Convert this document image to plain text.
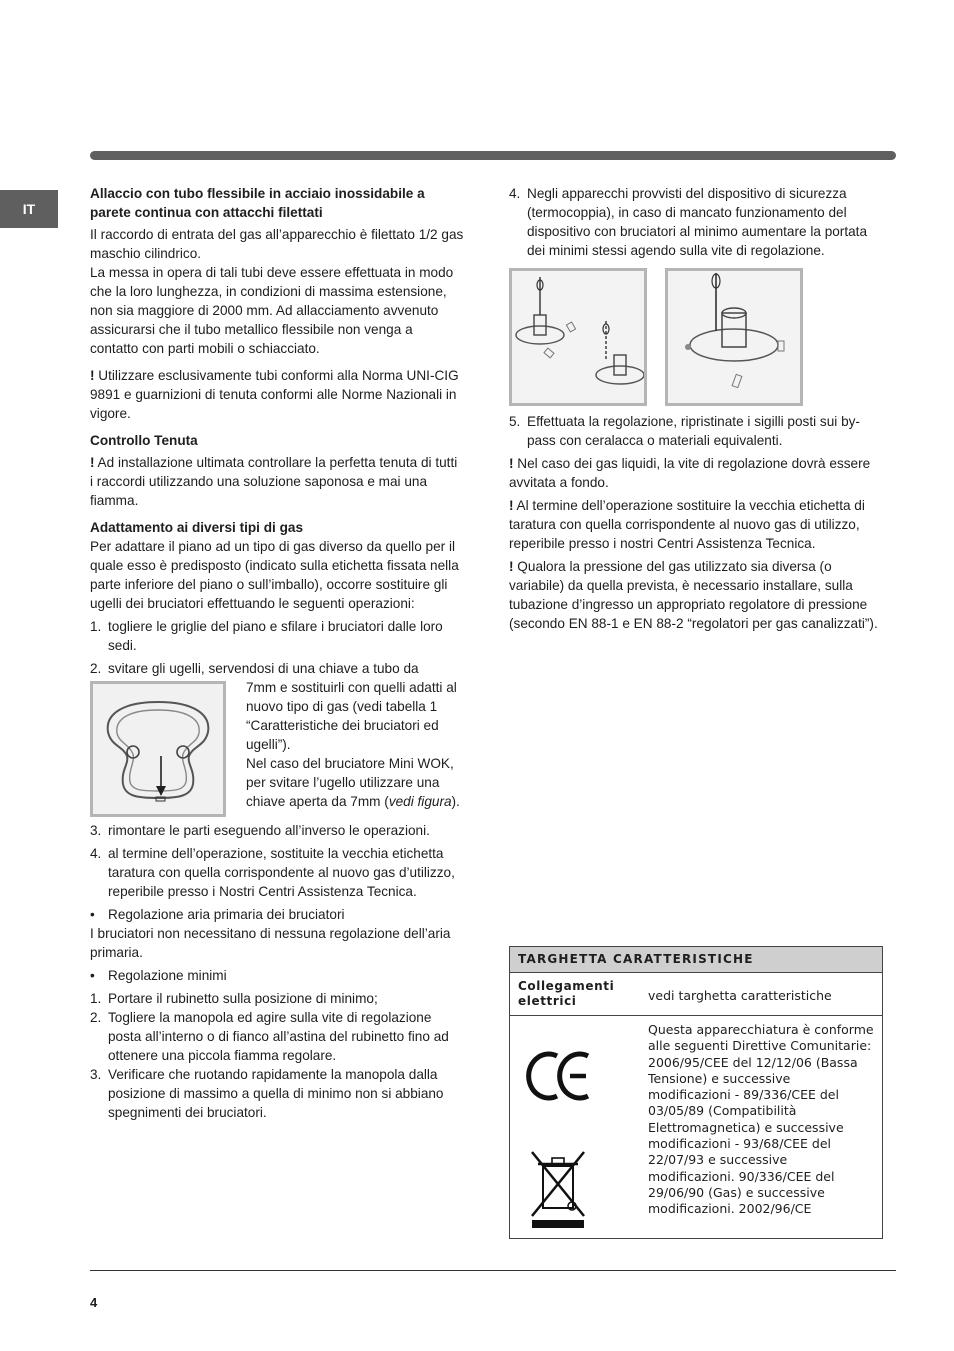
IT

Allaccio con tubo flessibile in acciaio inossidabile a parete continua con attacchi filettati

Il raccordo di entrata del gas all’apparecchio è filettato 1/2 gas maschio cilindrico.

La messa in opera di tali tubi deve essere effettuata in modo che la loro lunghezza, in condizioni di massima estensione, non sia maggiore di 2000 mm. Ad allacciamento avvenuto assicurarsi che il tubo metallico flessibile non venga a contatto con parti mobili o schiacciato.

! Utilizzare esclusivamente tubi conformi alla Norma UNI-CIG 9891 e guarnizioni di tenuta conformi alle Norme Nazionali in vigore.

Controllo Tenuta

! Ad installazione ultimata controllare la perfetta tenuta di tutti i raccordi utilizzando una soluzione saponosa e mai una fiamma.

Adattamento ai diversi tipi di gas

Per adattare il piano ad un tipo di gas diverso da quello per il quale esso è predisposto (indicato sulla etichetta fissata nella parte inferiore del piano o sull’imballo), occorre sostituire gli ugelli dei bruciatori effettuando le seguenti operazioni:

1. togliere le griglie del piano e sfilare i bruciatori dalle loro sedi.
2. svitare gli ugelli, servendosi di una chiave a tubo da

7mm e sostituirli con quelli adatti al nuovo tipo di gas (vedi tabella 1 “Caratteristiche dei bruciatori ed ugelli”).

Nel caso del bruciatore Mini WOK, per svitare l’ugello utilizzare una chiave aperta da 7mm (vedi figura).

3. rimontare le parti eseguendo all’inverso le operazioni.
4. al termine dell’operazione, sostituite la vecchia etichetta taratura con quella corrispondente al nuovo gas d’utilizzo, reperibile presso i Nostri Centri Assistenza Tecnica.
• Regolazione aria primaria dei bruciatori

I bruciatori non necessitano di nessuna regolazione dell’aria primaria.

• Regolazione minimi
1. Portare il rubinetto sulla posizione di minimo;
2. Togliere la manopola ed agire sulla vite di regolazione posta all’interno o di fianco all’astina del rubinetto fino ad ottenere una piccola fiamma regolare.
3. Verificare che ruotando rapidamente la manopola dalla posizione di massimo a quella di minimo non si abbiano spegnimenti dei bruciatori.
4. Negli apparecchi provvisti del dispositivo di sicurezza (termocoppia), in caso di mancato funzionamento del dispositivo con bruciatori al minimo aumentare la portata dei minimi stessi agendo sulla vite di regolazione.
5. Effettuata la regolazione, ripristinate i sigilli posti sui by-pass con ceralacca o materiali equivalenti.

! Nel caso dei gas liquidi, la vite di regolazione dovrà essere avvitata a fondo.

! Al termine dell’operazione sostituire la vecchia etichetta di taratura con quella corrispondente al nuovo gas di utilizzo, reperibile presso i nostri Centri Assistenza Tecnica.

! Qualora la pressione del gas utilizzato sia diversa (o variabile) da quella prevista, è necessario installare, sulla tubazione d’ingresso un appropriato regolatore di pressione (secondo EN 88-1 e EN 88-2 “regolatori per gas canalizzati”).

TARGHETTA CARATTERISTICHE
Collegamenti elettrici	vedi targhetta caratteristiche
Questa apparecchiatura è conforme alle seguenti Direttive Comunitarie: 2006/95/CEE del 12/12/06 (Bassa Tensione) e successive modificazioni - 89/336/CEE del 03/05/89 (Compatibilità Elettromagnetica) e successive modificazioni - 93/68/CEE del 22/07/93 e successive modificazioni. 90/336/CEE del 29/06/90 (Gas) e successive modificazioni. 2002/96/CE
4
